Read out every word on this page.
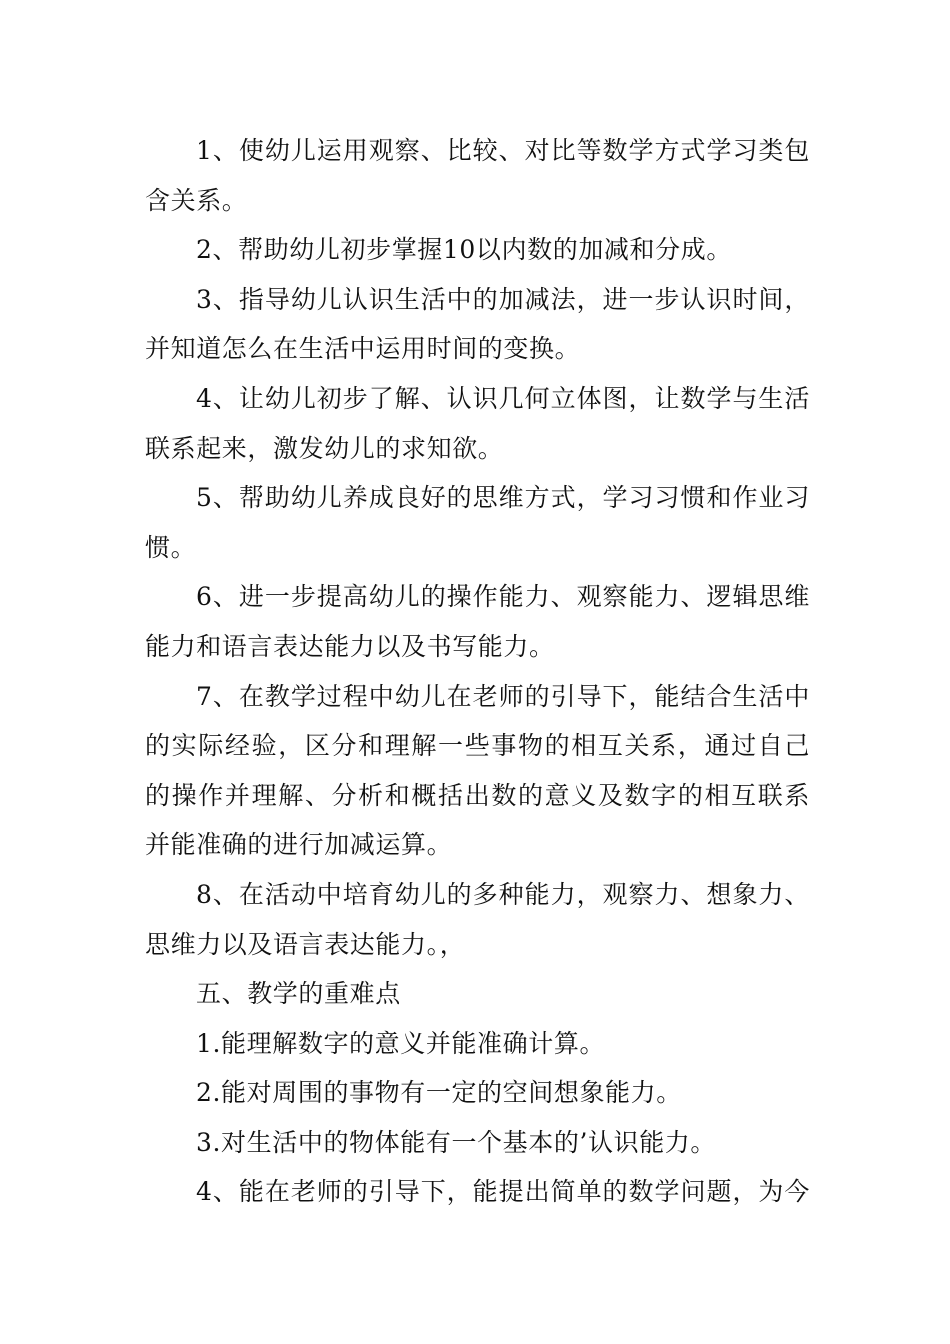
1、使幼儿运用观察、比较、对比等数学方式学习类包
含关系。
2、帮助幼儿初步掌握10以内数的加减和分成。
3、指导幼儿认识生活中的加减法，进一步认识时间，
并知道怎么在生活中运用时间的变换。
4、让幼儿初步了解、认识几何立体图，让数学与生活
联系起来，激发幼儿的求知欲。
5、帮助幼儿养成良好的思维方式，学习习惯和作业习
惯。
6、进一步提高幼儿的操作能力、观察能力、逻辑思维
能力和语言表达能力以及书写能力。
7、在教学过程中幼儿在老师的引导下，能结合生活中
的实际经验，区分和理解一些事物的相互关系，通过自己
的操作并理解、分析和概括出数的意义及数字的相互联系
并能准确的进行加减运算。
8、在活动中培育幼儿的多种能力，观察力、想象力、
思维力以及语言表达能力。，
五、教学的重难点
1.能理解数字的意义并能准确计算。
2.能对周围的事物有一定的空间想象能力。
3.对生活中的物体能有一个基本的’认识能力。
4、能在老师的引导下，能提出简单的数学问题，为今
